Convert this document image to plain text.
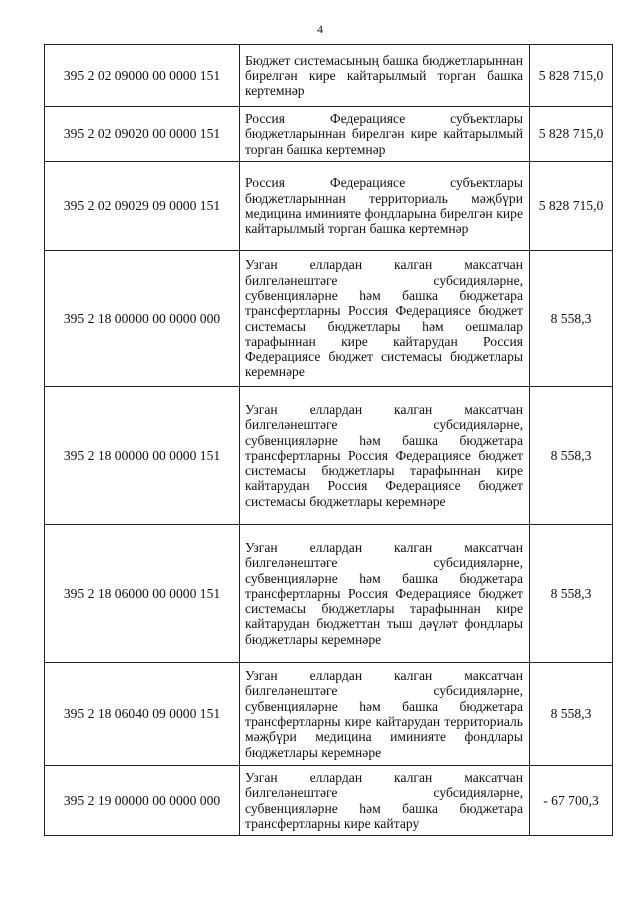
4
395 2 02 09000 00 0000 151	Бюджет системасының башка бюджетларыннан бирелгән кире кайтарылмый торган башка кертемнәр	5 828 715,0
395 2 02 09020 00 0000 151	Россия Федерациясе субъектлары бюджетларыннан бирелгән кире кайтарылмый торган башка кертемнәр	5 828 715,0
395 2 02 09029 09 0000 151	Россия Федерациясе субъектлары бюджетларыннан территориаль мәҗбүри медицина иминияте фондларына бирелгән кире кайтарылмый торган башка кертемнәр	5 828 715,0
395 2 18 00000 00 0000 000	Узган еллардан калган максатчан билгеләнештәге субсидияләрне, субвенцияләрне һәм башка бюджетара трансфертларны Россия Федерациясе бюджет системасы бюджетлары һәм оешмалар тарафыннан кире кайтарудан Россия Федерациясе бюджет системасы бюджетлары керемнәре	8 558,3
395 2 18 00000 00 0000 151	Узган еллардан калган максатчан билгеләнештәге субсидияләрне, субвенцияләрне һәм башка бюджетара трансфертларны Россия Федерациясе бюджет системасы бюджетлары тарафыннан кире кайтарудан Россия Федерациясе бюджет системасы бюджетлары керемнәре	8 558,3
395 2 18 06000 00 0000 151	Узган еллардан калган максатчан билгеләнештәге субсидияләрне, субвенцияләрне һәм башка бюджетара трансфертларны Россия Федерациясе бюджет системасы бюджетлары тарафыннан кире кайтарудан бюджеттан тыш дәүләт фондлары бюджетлары керемнәре	8 558,3
395 2 18 06040 09 0000 151	Узган еллардан калган максатчан билгеләнештәге субсидияләрне, субвенцияләрне һәм башка бюджетара трансфертларны кире кайтарудан территориаль мәҗбүри медицина иминияте фондлары бюджетлары керемнәре	8 558,3
395 2 19 00000 00 0000 000	Узган еллардан калган максатчан билгеләнештәге субсидияләрне, субвенцияләрне һәм башка бюджетара трансфертларны кире кайтару	- 67 700,3
